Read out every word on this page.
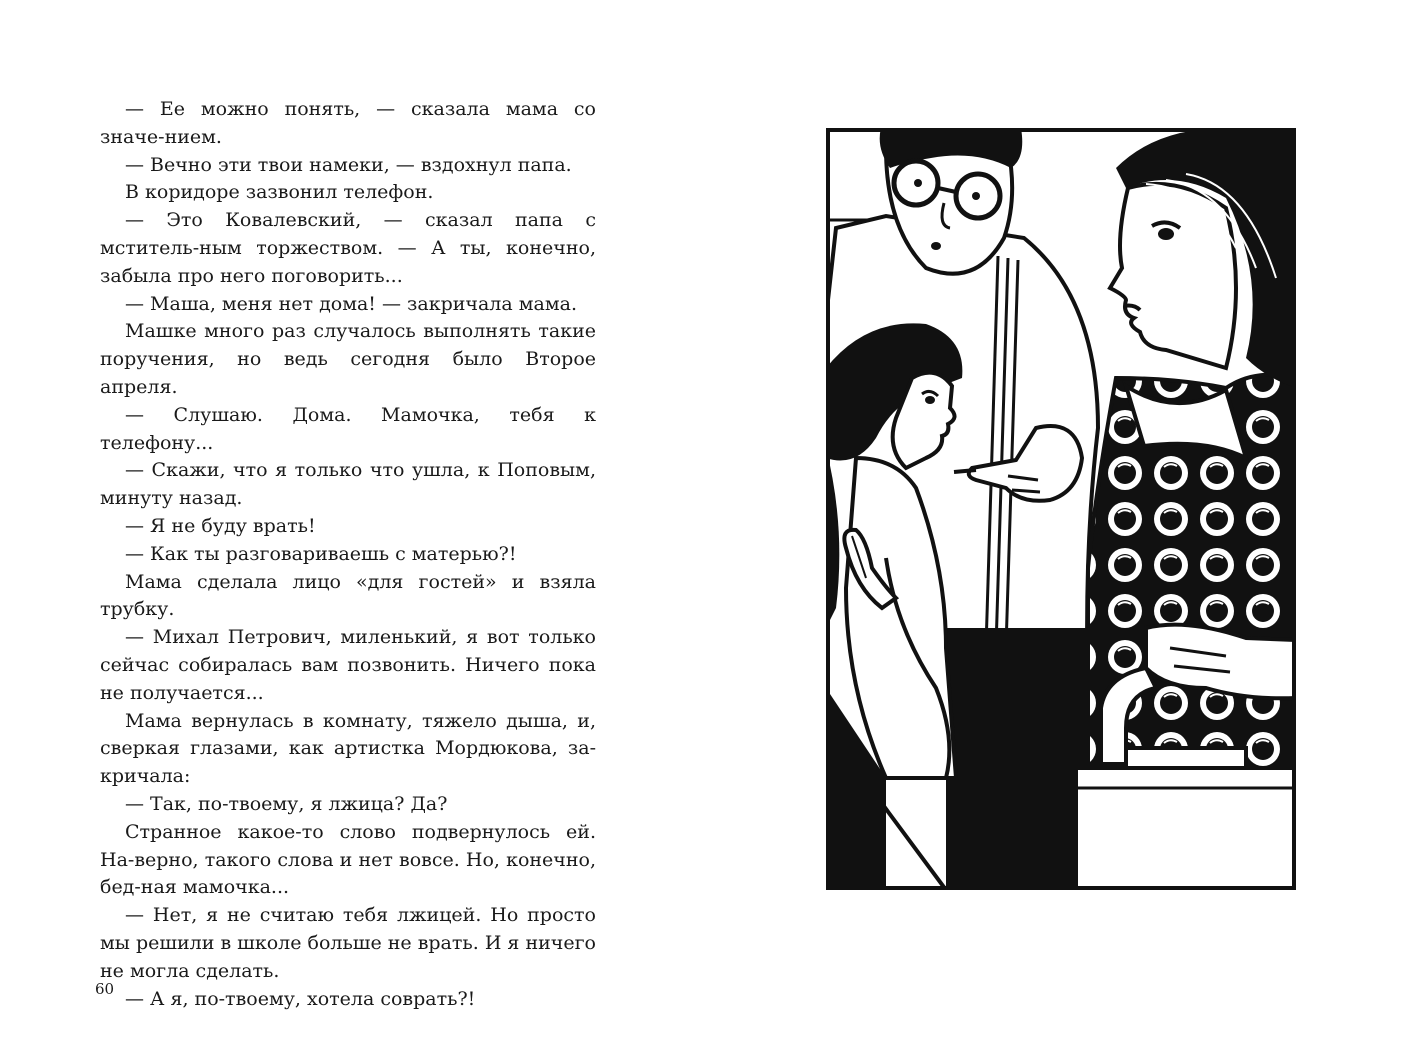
— Ее можно понять, — сказала мама со значе-нием.

— Вечно эти твои намеки, — вздохнул папа.

В коридоре зазвонил телефон.

— Это Ковалевский, — сказал папа с мститель-ным торжеством. — А ты, конечно, забыла про него поговорить...

— Маша, меня нет дома! — закричала мама.

Машке много раз случалось выполнять такие поручения, но ведь сегодня было Второе апреля.

— Слушаю. Дома. Мамочка, тебя к телефону...

— Скажи, что я только что ушла, к Поповым, минуту назад.

— Я не буду врать!

— Как ты разговариваешь с матерью?!

Мама сделала лицо «для гостей» и взяла трубку.

— Михал Петрович, миленький, я вот только сейчас собиралась вам позвонить. Ничего пока не получается...

Мама вернулась в комнату, тяжело дыша, и, сверкая глазами, как артистка Мордюкова, за-кричала:

— Так, по-твоему, я лжица? Да?

Странное какое-то слово подвернулось ей. На-верно, такого слова и нет вовсе. Но, конечно, бед-ная мамочка...

— Нет, я не считаю тебя лжицей. Но просто мы решили в школе больше не врать. И я ничего не могла сделать.

— А я, по-твоему, хотела соврать?!

60
